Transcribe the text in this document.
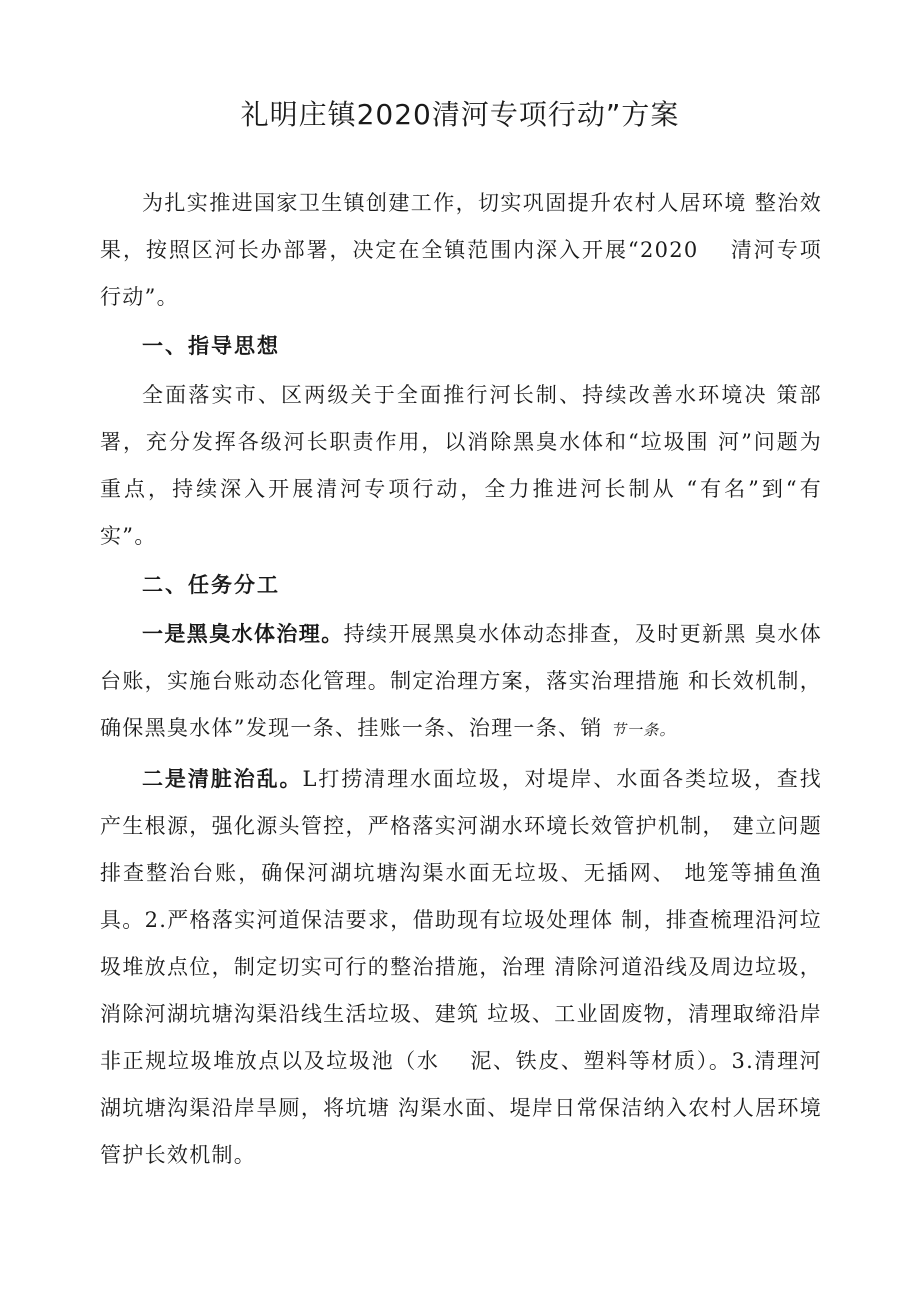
礼明庄镇2020清河专项行动”方案

为扎实推进国家卫生镇创建工作，切实巩固提升农村人居环境 整治效果，按照区河长办部署，决定在全镇范围内深入开展“2020　 清河专项行动”。

一、指导思想

全面落实市、区两级关于全面推行河长制、持续改善水环境决 策部署，充分发挥各级河长职责作用，以消除黑臭水体和“垃圾围 河”问题为重点，持续深入开展清河专项行动，全力推进河长制从 “有名”到“有实”。

二、任务分工

一是黑臭水体治理。持续开展黑臭水体动态排查，及时更新黑 臭水体台账，实施台账动态化管理。制定治理方案，落实治理措施 和长效机制，确保黑臭水体”发现一条、挂账一条、治理一条、销 节一条。

二是清脏治乱。L打捞清理水面垃圾，对堤岸、水面各类垃圾，查找产生根源，强化源头管控，严格落实河湖水环境长效管护机制， 建立问题排查整治台账，确保河湖坑塘沟渠水面无垃圾、无插网、 地笼等捕鱼渔具。2.严格落实河道保洁要求，借助现有垃圾处理体 制，排查梳理沿河垃圾堆放点位，制定切实可行的整治措施，治理 清除河道沿线及周边垃圾，消除河湖坑塘沟渠沿线生活垃圾、建筑 垃圾、工业固废物，清理取缔沿岸非正规垃圾堆放点以及垃圾池（水　 泥、铁皮、塑料等材质）。3.清理河湖坑塘沟渠沿岸旱厕，将坑塘 沟渠水面、堤岸日常保洁纳入农村人居环境管护长效机制。
